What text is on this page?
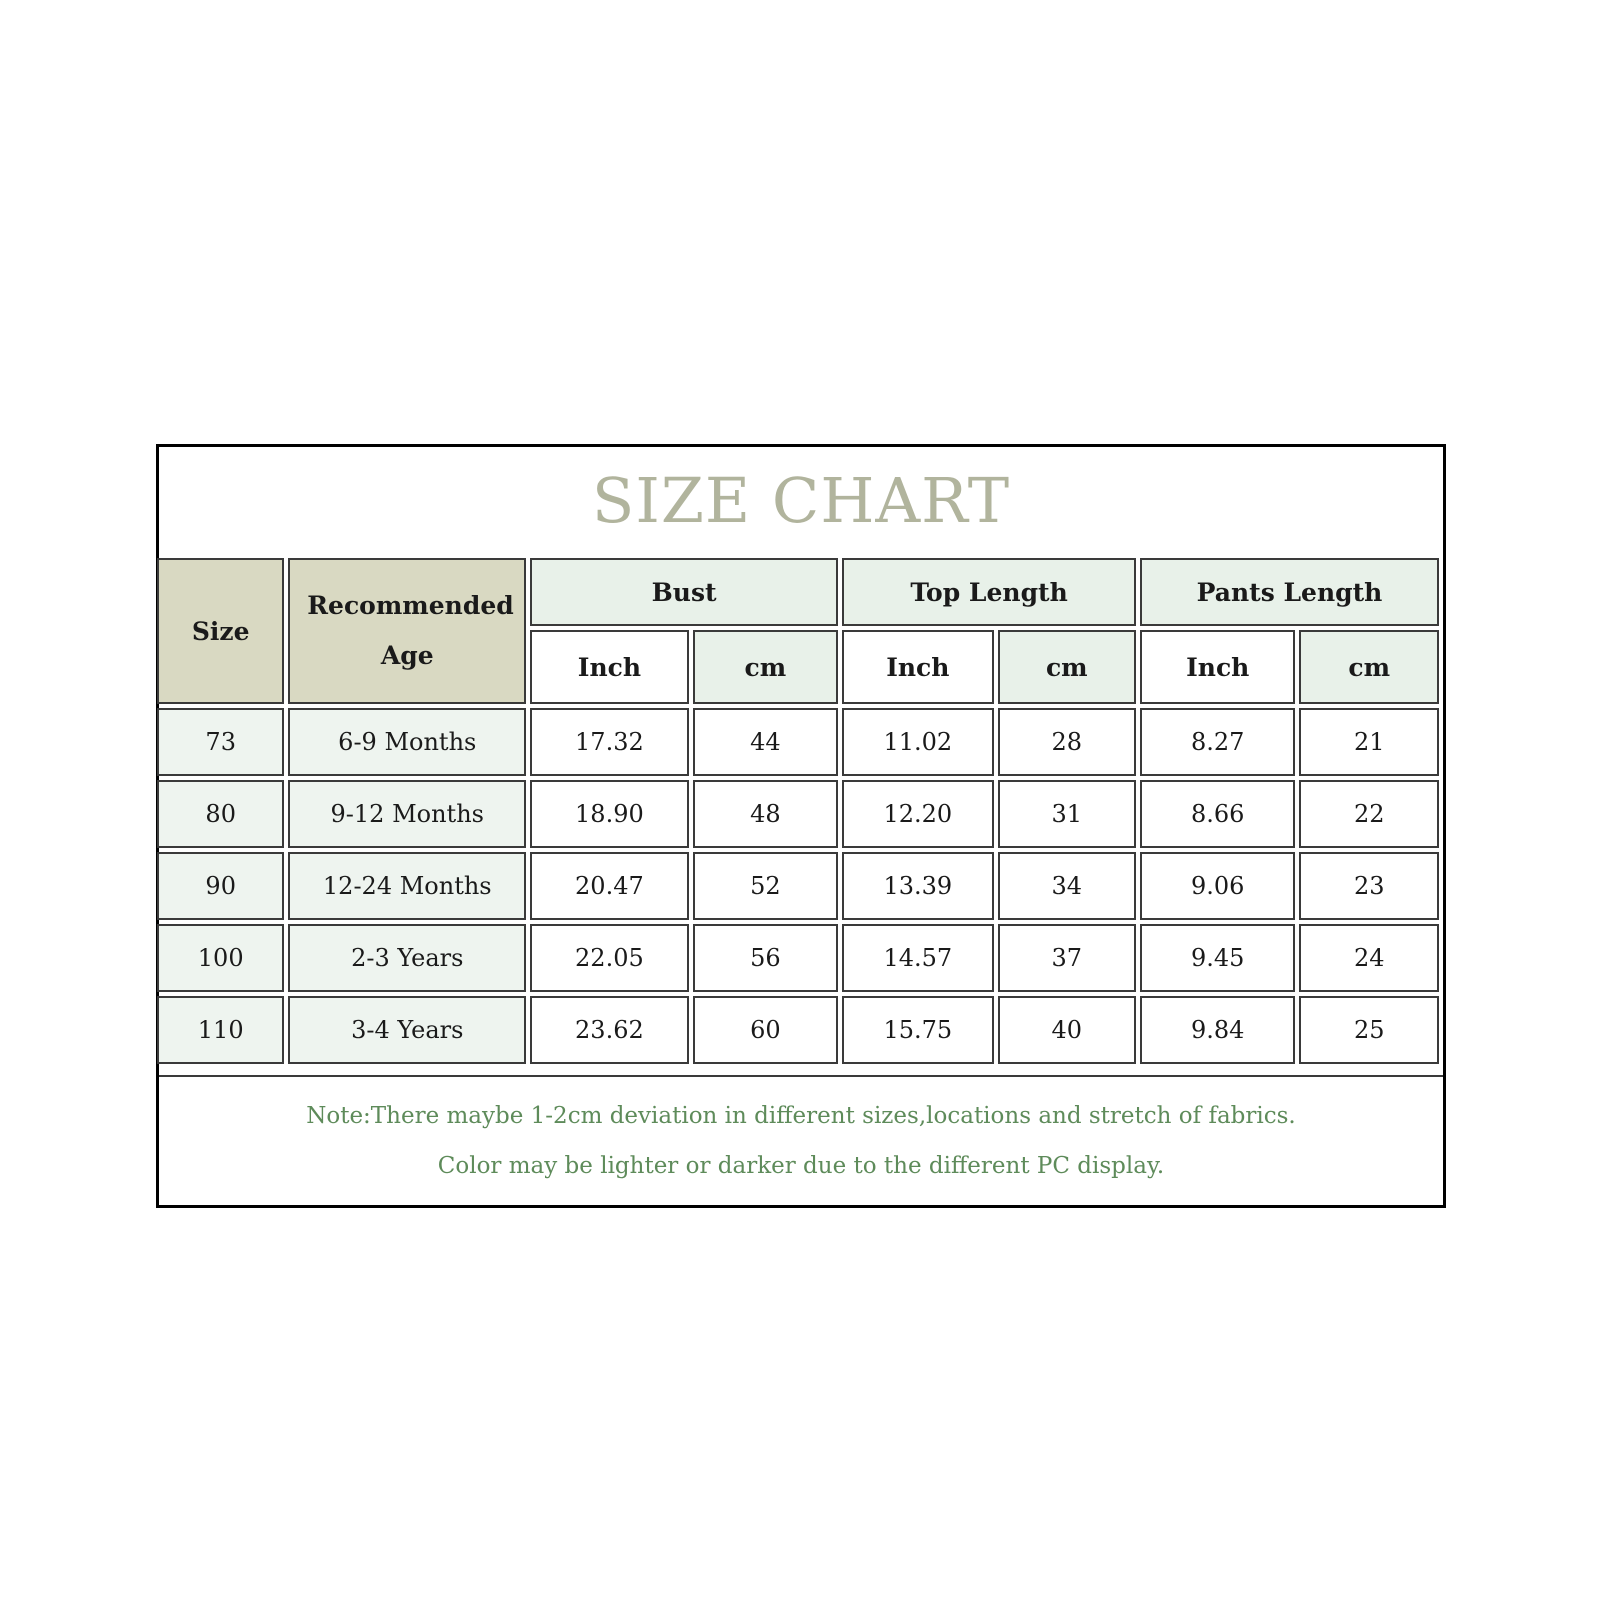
SIZE CHART
Size	Recommended Age	Bust		Top Length		Pants Length	
		Inch	cm	Inch	cm	Inch	cm
73	6-9 Months	17.32	44	11.02	28	8.27	21
80	9-12 Months	18.90	48	12.20	31	8.66	22
90	12-24 Months	20.47	52	13.39	34	9.06	23
100	2-3 Years	22.05	56	14.57	37	9.45	24
110	3-4 Years	23.62	60	15.75	40	9.84	25
Note:There maybe 1-2cm deviation in different sizes,locations and stretch of fabrics.
Color may be lighter or darker due to the different PC display.
